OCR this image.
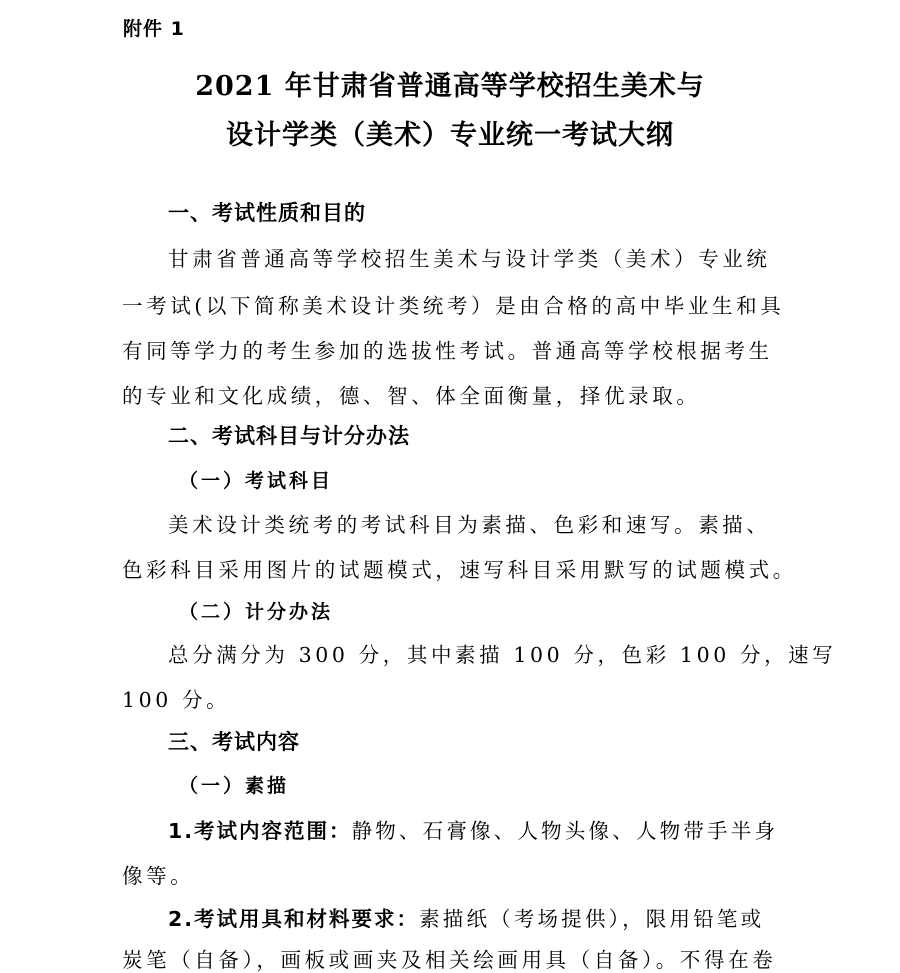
附件 1
2021 年甘肃省普通高等学校招生美术与
设计学类（美术）专业统一考试大纲
一、考试性质和目的
甘肃省普通高等学校招生美术与设计学类（美术）专业统
一考试(以下简称美术设计类统考）是由合格的高中毕业生和具
有同等学力的考生参加的选拔性考试。普通高等学校根据考生
的专业和文化成绩，德、智、体全面衡量，择优录取。
二、考试科目与计分办法
（一）考试科目
美术设计类统考的考试科目为素描、色彩和速写。素描、
色彩科目采用图片的试题模式，速写科目采用默写的试题模式。
（二）计分办法
总分满分为 300 分，其中素描 100 分，色彩 100 分，速写
100 分。
三、考试内容
（一）素描
1.考试内容范围：静物、石膏像、人物头像、人物带手半身
像等。
2.考试用具和材料要求：素描纸（考场提供），限用铅笔或
炭笔（自备），画板或画夹及相关绘画用具（自备）。不得在卷
